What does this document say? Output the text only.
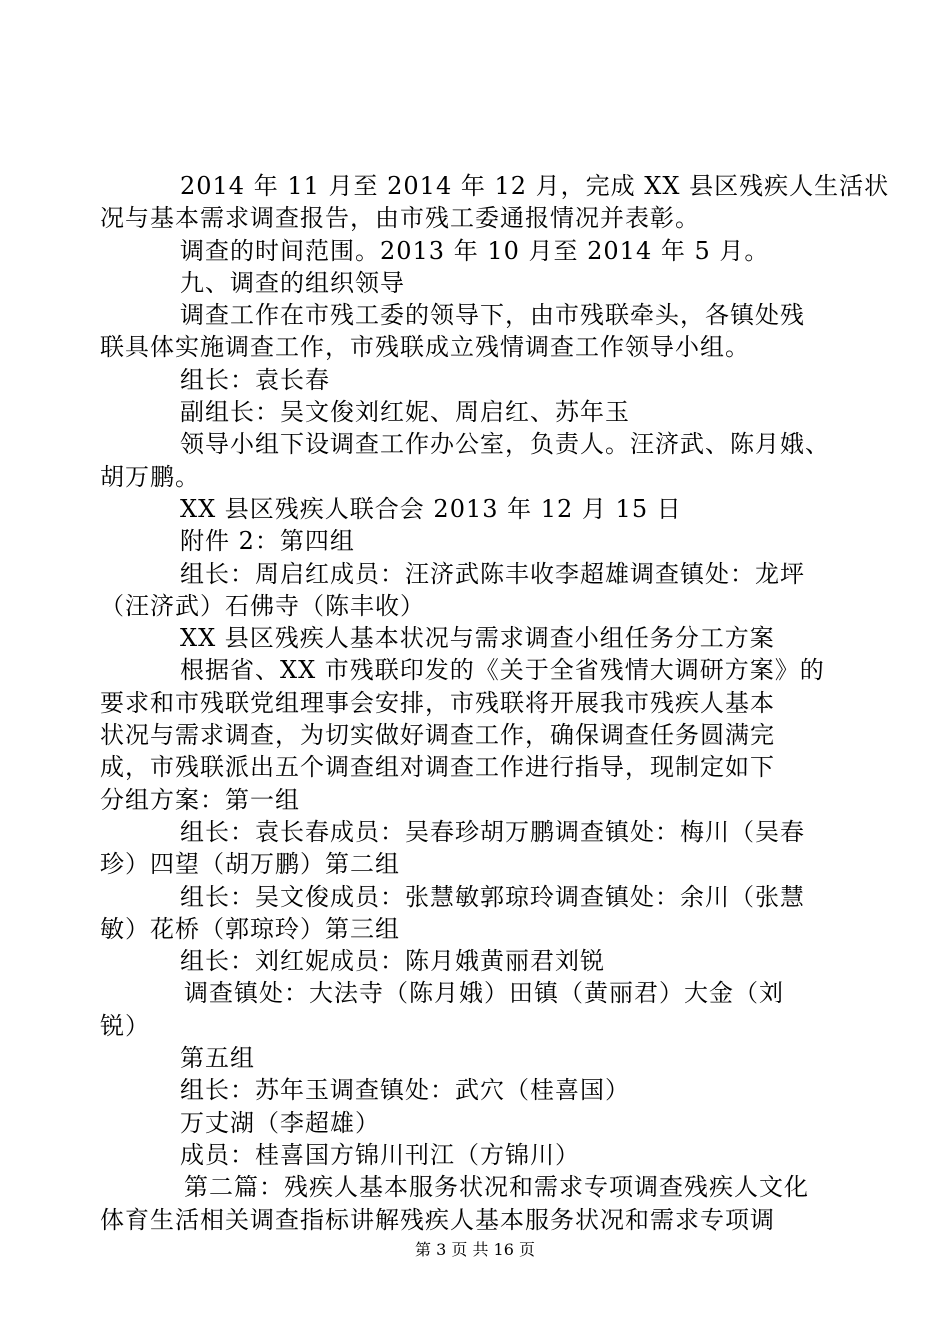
2014 年 11 月至 2014 年 12 月，完成 XX 县区残疾人生活状
况与基本需求调查报告，由市残工委通报情况并表彰。
调查的时间范围。2013 年 10 月至 2014 年 5 月。
九、调查的组织领导
调查工作在市残工委的领导下，由市残联牵头，各镇处残
联具体实施调查工作，市残联成立残情调查工作领导小组。
组长：袁长春
副组长：吴文俊刘红妮、周启红、苏年玉
领导小组下设调查工作办公室，负责人。汪济武、陈月娥、
胡万鹏。
XX 县区残疾人联合会 2013 年 12 月 15 日
附件 2：第四组
组长：周启红成员：汪济武陈丰收李超雄调查镇处：龙坪
（汪济武）石佛寺（陈丰收）
XX 县区残疾人基本状况与需求调查小组任务分工方案
根据省、XX 市残联印发的《关于全省残情大调研方案》的
要求和市残联党组理事会安排，市残联将开展我市残疾人基本
状况与需求调查，为切实做好调查工作，确保调查任务圆满完
成，市残联派出五个调查组对调查工作进行指导，现制定如下
分组方案：第一组
组长：袁长春成员：吴春珍胡万鹏调查镇处：梅川（吴春
珍）四望（胡万鹏）第二组
组长：吴文俊成员：张慧敏郭琼玲调查镇处：余川（张慧
敏）花桥（郭琼玲）第三组
组长：刘红妮成员：陈月娥黄丽君刘锐
调查镇处：大法寺（陈月娥）田镇（黄丽君）大金（刘
锐）
第五组
组长：苏年玉调查镇处：武穴（桂喜国）
万丈湖（李超雄）
成员：桂喜国方锦川刊江（方锦川）
第二篇：残疾人基本服务状况和需求专项调查残疾人文化
体育生活相关调查指标讲解残疾人基本服务状况和需求专项调
第 3 页 共 16 页
